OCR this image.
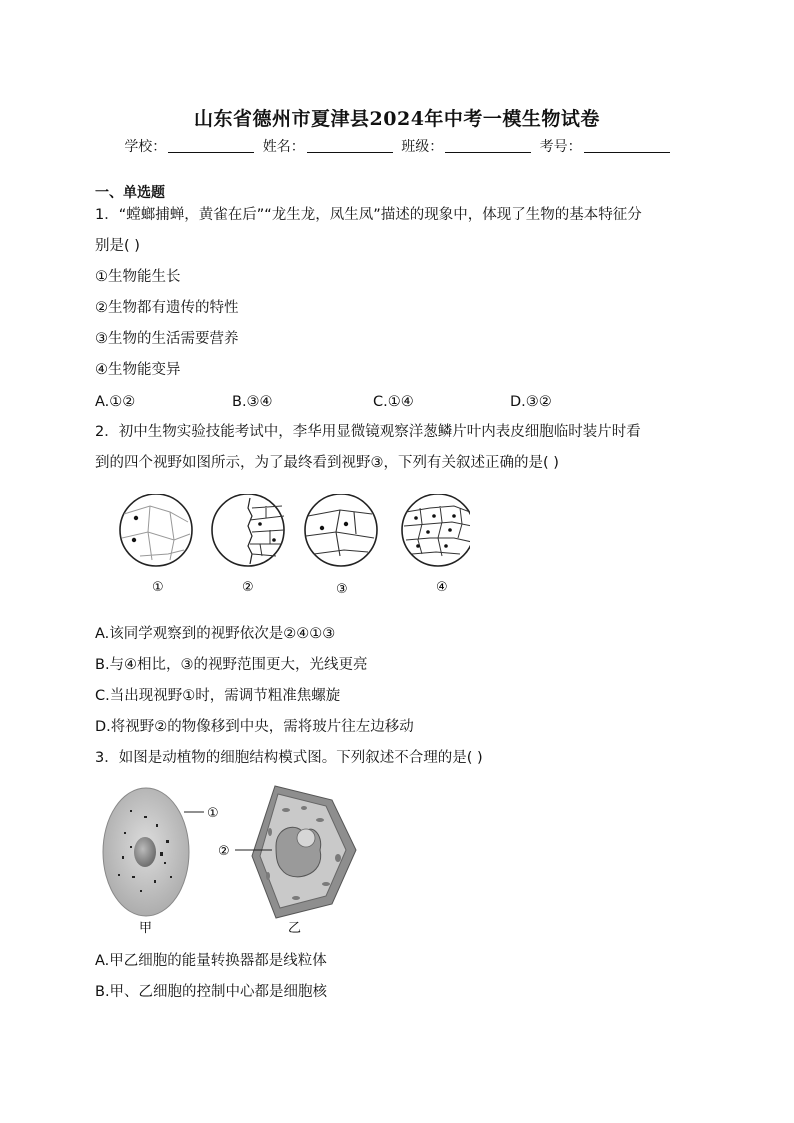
山东省德州市夏津县2024年中考一模生物试卷
学校：	姓名：	班级：	考号：
一、单选题
1．“螳螂捕蝉，黄雀在后”“龙生龙，凤生凤”描述的现象中，体现了生物的基本特征分
别是( )
①生物能生长
②生物都有遗传的特性
③生物的生活需要营养
④生物能变异
A.①②	B.③④	C.①④	D.③②
2．初中生物实验技能考试中，李华用显微镜观察洋葱鳞片叶内表皮细胞临时装片时看
到的四个视野如图所示，为了最终看到视野③，下列有关叙述正确的是( )
①	②	③	④
A.该同学观察到的视野依次是②④①③
B.与④相比，③的视野范围更大，光线更亮
C.当出现视野①时，需调节粗准焦螺旋
D.将视野②的物像移到中央，需将玻片往左边移动
3．如图是动植物的细胞结构模式图。下列叙述不合理的是( )
①
②
甲	乙
A.甲乙细胞的能量转换器都是线粒体
B.甲、乙细胞的控制中心都是细胞核
